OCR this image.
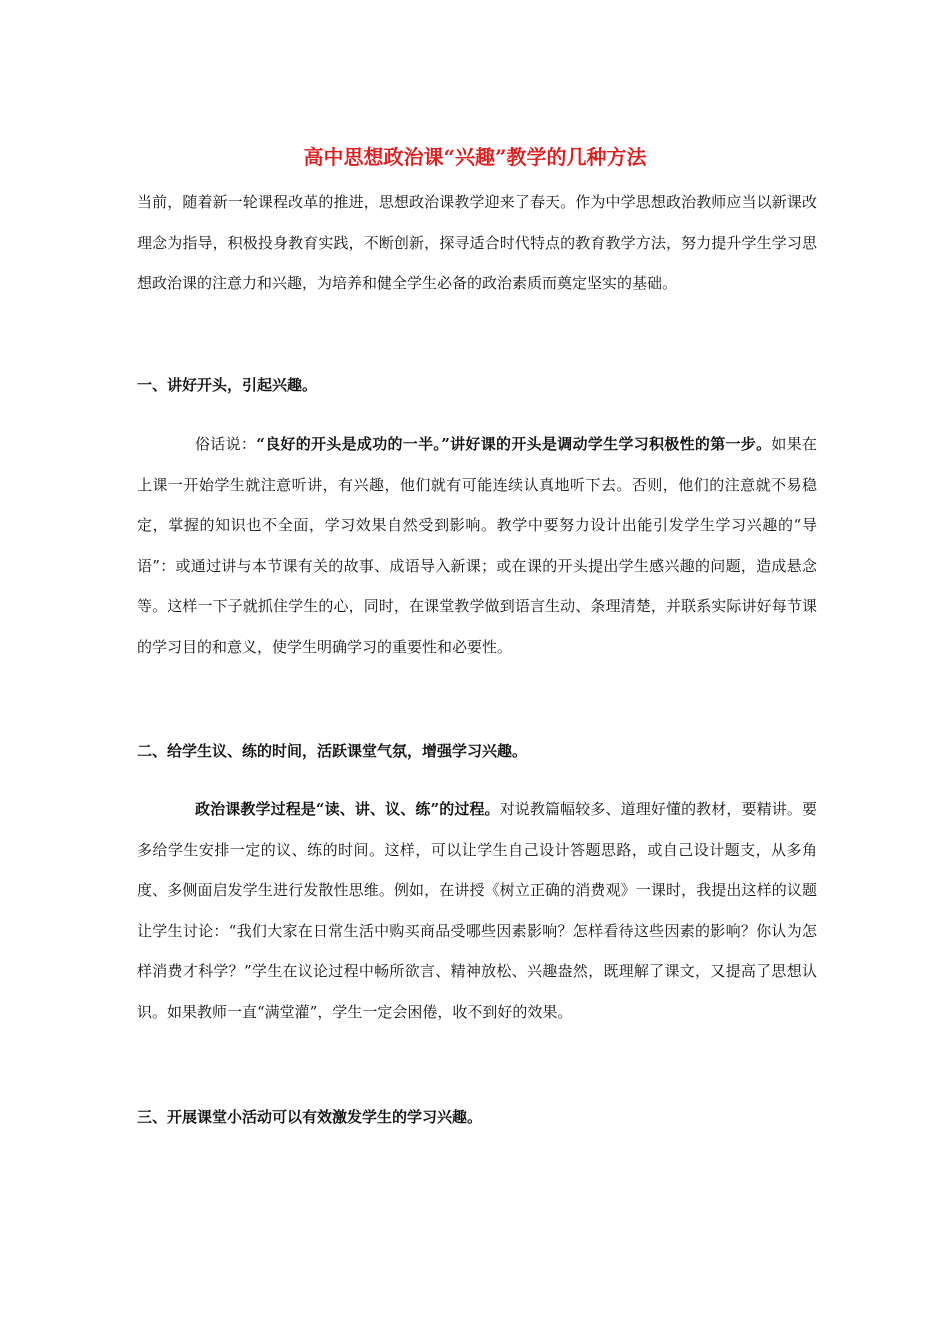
高中思想政治课“兴趣”教学的几种方法

当前，随着新一轮课程改革的推进，思想政治课教学迎来了春天。作为中学思想政治教师应当以新课改理念为指导，积极投身教育实践，不断创新，探寻适合时代特点的教育教学方法，努力提升学生学习思想政治课的注意力和兴趣，为培养和健全学生必备的政治素质而奠定坚实的基础。

一、讲好开头，引起兴趣。

俗话说：“良好的开头是成功的一半。”讲好课的开头是调动学生学习积极性的第一步。如果在上课一开始学生就注意听讲，有兴趣，他们就有可能连续认真地听下去。否则，他们的注意就不易稳定，掌握的知识也不全面，学习效果自然受到影响。教学中要努力设计出能引发学生学习兴趣的“导语”：或通过讲与本节课有关的故事、成语导入新课；或在课的开头提出学生感兴趣的问题，造成悬念等。这样一下子就抓住学生的心，同时，在课堂教学做到语言生动、条理清楚，并联系实际讲好每节课的学习目的和意义，使学生明确学习的重要性和必要性。

二、给学生议、练的时间，活跃课堂气氛，增强学习兴趣。

政治课教学过程是“读、讲、议、练”的过程。对说教篇幅较多、道理好懂的教材，要精讲。要多给学生安排一定的议、练的时间。这样，可以让学生自己设计答题思路，或自己设计题支，从多角度、多侧面启发学生进行发散性思维。例如，在讲授《树立正确的消费观》一课时，我提出这样的议题让学生讨论：“我们大家在日常生活中购买商品受哪些因素影响？怎样看待这些因素的影响？你认为怎样消费才科学？”学生在议论过程中畅所欲言、精神放松、兴趣盎然，既理解了课文，又提高了思想认识。如果教师一直“满堂灌”，学生一定会困倦，收不到好的效果。

三、开展课堂小活动可以有效激发学生的学习兴趣。
